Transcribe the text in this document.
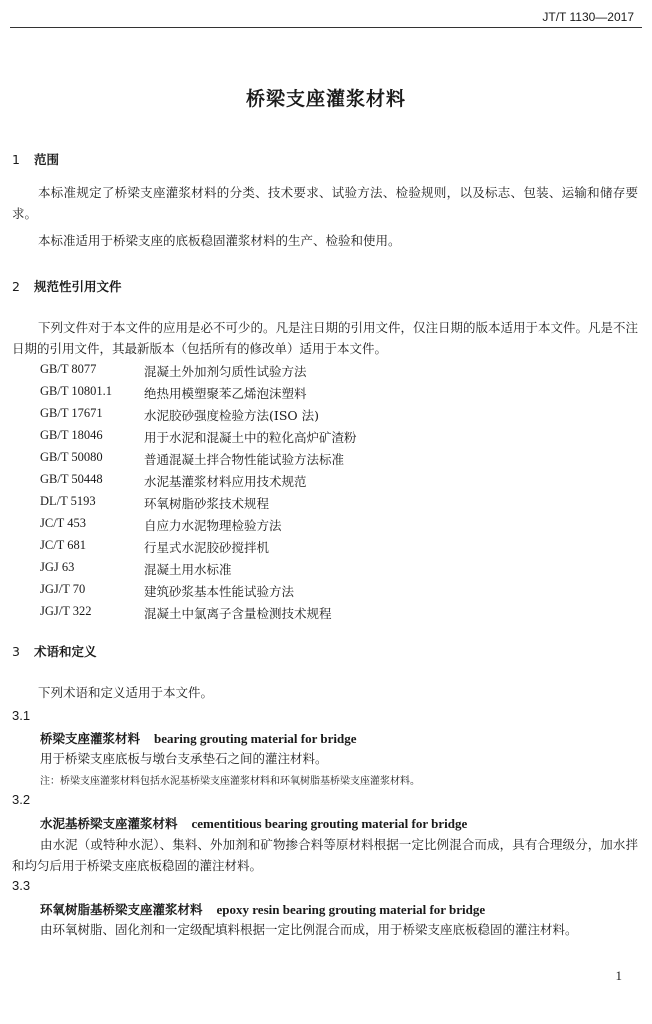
JT/T 1130—2017
桥梁支座灌浆材料
1 范围
本标准规定了桥梁支座灌浆材料的分类、技术要求、试验方法、检验规则，以及标志、包装、运输和储存要求。
本标准适用于桥梁支座的底板稳固灌浆材料的生产、检验和使用。
2 规范性引用文件
下列文件对于本文件的应用是必不可少的。凡是注日期的引用文件，仅注日期的版本适用于本文件。凡是不注日期的引用文件，其最新版本（包括所有的修改单）适用于本文件。
GB/T 8077	混凝土外加剂匀质性试验方法
GB/T 10801.1	绝热用模塑聚苯乙烯泡沫塑料
GB/T 17671	水泥胶砂强度检验方法(ISO 法)
GB/T 18046	用于水泥和混凝土中的粒化高炉矿渣粉
GB/T 50080	普通混凝土拌合物性能试验方法标准
GB/T 50448	水泥基灌浆材料应用技术规范
DL/T 5193	环氧树脂砂浆技术规程
JC/T 453	自应力水泥物理检验方法
JC/T 681	行星式水泥胶砂搅拌机
JGJ 63	混凝土用水标准
JGJ/T 70	建筑砂浆基本性能试验方法
JGJ/T 322	混凝土中氯离子含量检测技术规程
3 术语和定义
下列术语和定义适用于本文件。
3.1
桥梁支座灌浆材料 bearing grouting material for bridge
用于桥梁支座底板与墩台支承垫石之间的灌注材料。
注：桥梁支座灌浆材料包括水泥基桥梁支座灌浆材料和环氧树脂基桥梁支座灌浆材料。
3.2
水泥基桥梁支座灌浆材料 cementitious bearing grouting material for bridge
由水泥（或特种水泥）、集料、外加剂和矿物掺合料等原材料根据一定比例混合而成，具有合理级分，加水拌和均匀后用于桥梁支座底板稳固的灌注材料。
3.3
环氧树脂基桥梁支座灌浆材料 epoxy resin bearing grouting material for bridge
由环氧树脂、固化剂和一定级配填料根据一定比例混合而成，用于桥梁支座底板稳固的灌注材料。
1
